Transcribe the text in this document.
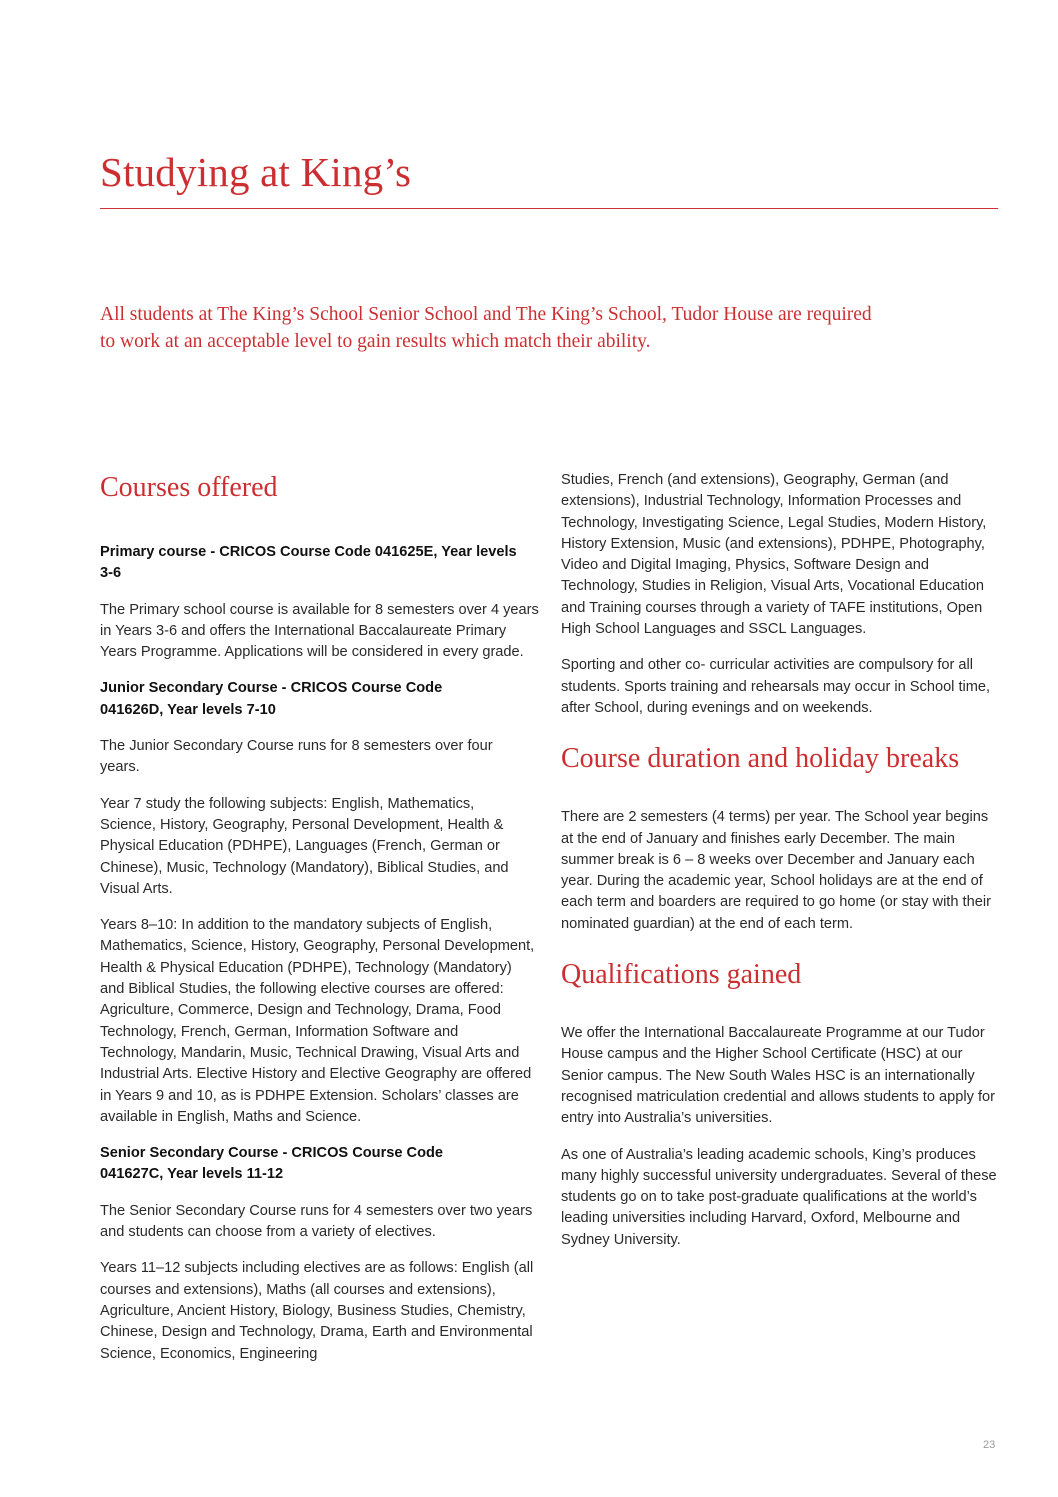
Studying at King’s

All students at The King’s School Senior School and The King’s School, Tudor House are required to work at an acceptable level to gain results which match their ability.

Courses offered
Primary course - CRICOS Course Code 041625E, Year levels 3-6

The Primary school course is available for 8 semesters over 4 years in Years 3-6 and offers the International Baccalaureate Primary Years Programme. Applications will be considered in every grade.

Junior Secondary Course - CRICOS Course Code 041626D, Year levels 7-10

The Junior Secondary Course runs for 8 semesters over four years.

Year 7 study the following subjects: English, Mathematics, Science, History, Geography, Personal Development, Health & Physical Education (PDHPE), Languages (French, German or Chinese), Music, Technology (Mandatory), Biblical Studies, and Visual Arts.

Years 8–10: In addition to the mandatory subjects of English, Mathematics, Science, History, Geography, Personal Development, Health & Physical Education (PDHPE), Technology (Mandatory) and Biblical Studies, the following elective courses are offered: Agriculture, Commerce, Design and Technology, Drama, Food Technology, French, German, Information Software and Technology, Mandarin, Music, Technical Drawing, Visual Arts and Industrial Arts. Elective History and Elective Geography are offered in Years 9 and 10, as is PDHPE Extension. Scholars’ classes are available in English, Maths and Science.

Senior Secondary Course - CRICOS Course Code 041627C, Year levels 11-12

The Senior Secondary Course runs for 4 semesters over two years and students can choose from a variety of electives.

Years 11–12 subjects including electives are as follows: English (all courses and extensions), Maths (all courses and extensions), Agriculture, Ancient History, Biology, Business Studies, Chemistry, Chinese, Design and Technology, Drama, Earth and Environmental Science, Economics, Engineering

Studies, French (and extensions), Geography, German (and extensions), Industrial Technology, Information Processes and Technology, Investigating Science, Legal Studies, Modern History, History Extension, Music (and extensions), PDHPE, Photography, Video and Digital Imaging, Physics, Software Design and Technology, Studies in Religion, Visual Arts, Vocational Education and Training courses through a variety of TAFE institutions, Open High School Languages and SSCL Languages.

Sporting and other co- curricular activities are compulsory for all students. Sports training and rehearsals may occur in School time, after School, during evenings and on weekends.

Course duration and holiday breaks

There are 2 semesters (4 terms) per year. The School year begins at the end of January and finishes early December. The main summer break is 6 – 8 weeks over December and January each year. During the academic year, School holidays are at the end of each term and boarders are required to go home (or stay with their nominated guardian) at the end of each term.

Qualifications gained

We offer the International Baccalaureate Programme at our Tudor House campus and the Higher School Certificate (HSC) at our Senior campus. The New South Wales HSC is an internationally recognised matriculation credential and allows students to apply for entry into Australia’s universities.

As one of Australia’s leading academic schools, King’s produces many highly successful university undergraduates. Several of these students go on to take post-graduate qualifications at the world’s leading universities including Harvard, Oxford, Melbourne and Sydney University.

23
